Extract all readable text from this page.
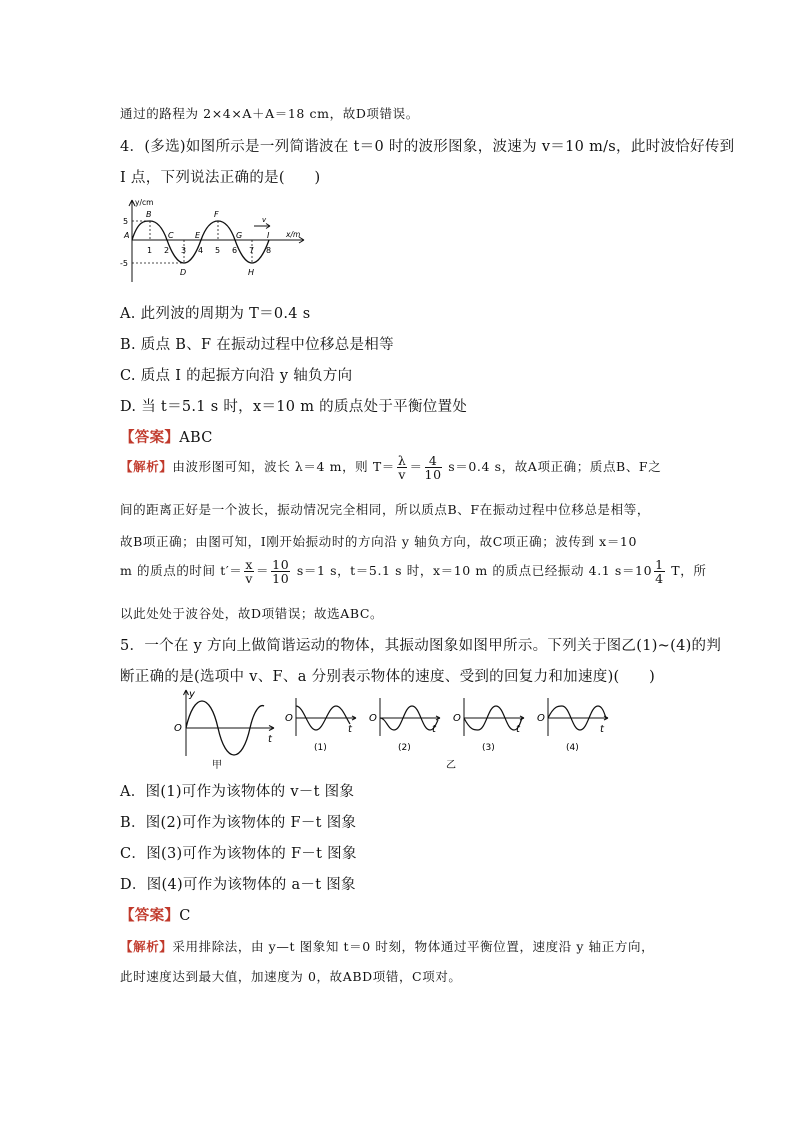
通过的路程为 2×4×A＋A＝18 cm，故D项错误。
4．(多选)如图所示是一列简谐波在 t＝0 时的波形图象，波速为 v＝10 m/s，此时波恰好传到
I 点，下列说法正确的是(　　)
v
y/cm
x/m
5
-5
1 2 3 4 5 6 7 8
A
B
C
D
E
F
G
H
I
A. 此列波的周期为 T＝0.4 s
B. 质点 B、F 在振动过程中位移总是相等
C. 质点 I 的起振方向沿 y 轴负方向
D. 当 t＝5.1 s 时，x＝10 m 的质点处于平衡位置处
【答案】ABC
【解析】由波形图可知，波长 λ＝4 m，则 $T= \frac{\lambda}{v} = \frac{4}{10} s=0.4$ s，故A项正确；质点B、F之
间的距离正好是一个波长，振动情况完全相同，所以质点B、F在振动过程中位移总是相等，
故B项正确；由图可知，I刚开始振动时的方向沿 y 轴负方向，故C项正确；波传到 x＝10
m 的质点的时间 $t'= \frac{x}{v} = \frac{10}{10} s=1$ s，t＝5.1 s 时，x＝10 m 的质点已经振动 4.1 $s=10 \frac{1}{4}$ T，所
以此处处于波谷处，故D项错误；故选ABC。
5．一个在 y 方向上做简谐运动的物体，其振动图象如图甲所示。下列关于图乙(1)~(4)的判
断正确的是(选项中 v、F、a 分别表示物体的速度、受到的回复力和加速度)(　　)
O
y
t
甲
O
t
(1)
O
t
(2)
O
t
(3)
O
t
(4)
乙
A．图(1)可作为该物体的 v－t 图象
B．图(2)可作为该物体的 F－t 图象
C．图(3)可作为该物体的 F－t 图象
D．图(4)可作为该物体的 a－t 图象
【答案】C
【解析】采用排除法，由 y—t 图象知 t＝0 时刻，物体通过平衡位置，速度沿 y 轴正方向，
此时速度达到最大值，加速度为 0，故ABD项错，C项对。
